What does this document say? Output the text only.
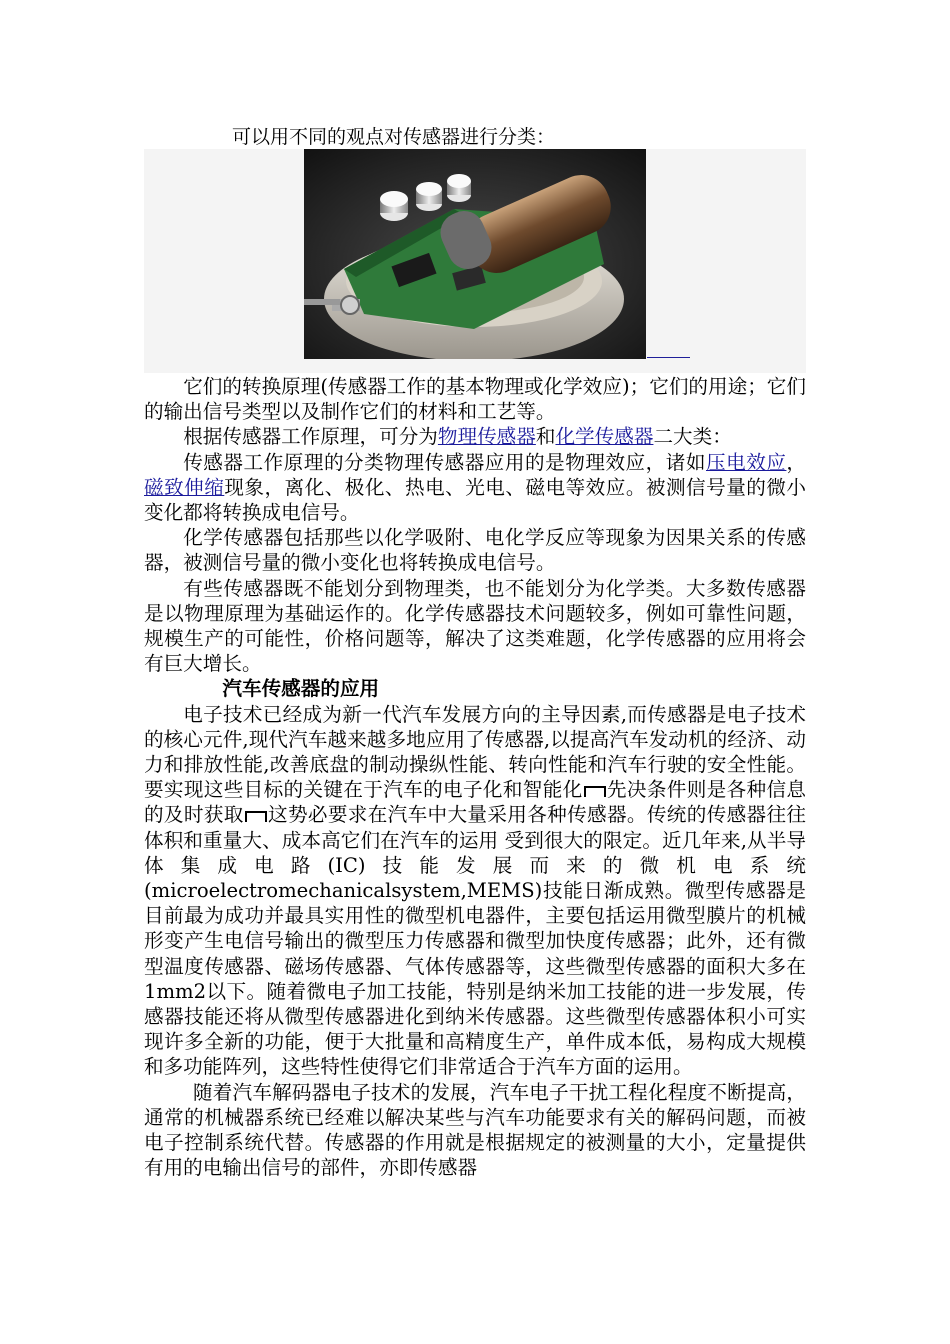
可以用不同的观点对传感器进行分类：

它们的转换原理(传感器工作的基本物理或化学效应)；它们的用途；它们的输出信号类型以及制作它们的材料和工艺等。

根据传感器工作原理，可分为物理传感器和化学传感器二大类：

传感器工作原理的分类物理传感器应用的是物理效应，诸如压电效应，磁致伸缩现象，离化、极化、热电、光电、磁电等效应。被测信号量的微小变化都将转换成电信号。

化学传感器包括那些以化学吸附、电化学反应等现象为因果关系的传感器，被测信号量的微小变化也将转换成电信号。

有些传感器既不能划分到物理类，也不能划分为化学类。大多数传感器是以物理原理为基础运作的。化学传感器技术问题较多，例如可靠性问题，规模生产的可能性，价格问题等，解决了这类难题，化学传感器的应用将会有巨大增长。

汽车传感器的应用

电子技术已经成为新一代汽车发展方向的主导因素,而传感器是电子技术的核心元件,现代汽车越来越多地应用了传感器,以提高汽车发动机的经济、动力和排放性能,改善底盘的制动操纵性能、转向性能和汽车行驶的安全性能。要实现这些目标的关键在于汽车的电子化和智能化 先决条件则是各种信息的及时获取 这势必要求在汽车中大量采用各种传感器。传统的传感器往往体积和重量大、成本高它们在汽车的运用 受到很大的限定。近几年来,从半导体集成电路(IC)技能发展而来的微机电系统(microelectromechanicalsystem,MEMS)技能日渐成熟。微型传感器是目前最为成功并最具实用性的微型机电器件，主要包括运用微型膜片的机械形变产生电信号输出的微型压力传感器和微型加快度传感器；此外，还有微型温度传感器、磁场传感器、气体传感器等，这些微型传感器的面积大多在1mm2以下。随着微电子加工技能，特别是纳米加工技能的进一步发展，传感器技能还将从微型传感器进化到纳米传感器。这些微型传感器体积小可实现许多全新的功能，便于大批量和高精度生产，单件成本低，易构成大规模和多功能阵列，这些特性使得它们非常适合于汽车方面的运用。

随着汽车解码器电子技术的发展，汽车电子干扰工程化程度不断提高，通常的机械器系统已经难以解决某些与汽车功能要求有关的解码问题，而被电子控制系统代替。传感器的作用就是根据规定的被测量的大小，定量提供有用的电输出信号的部件，亦即传感器
